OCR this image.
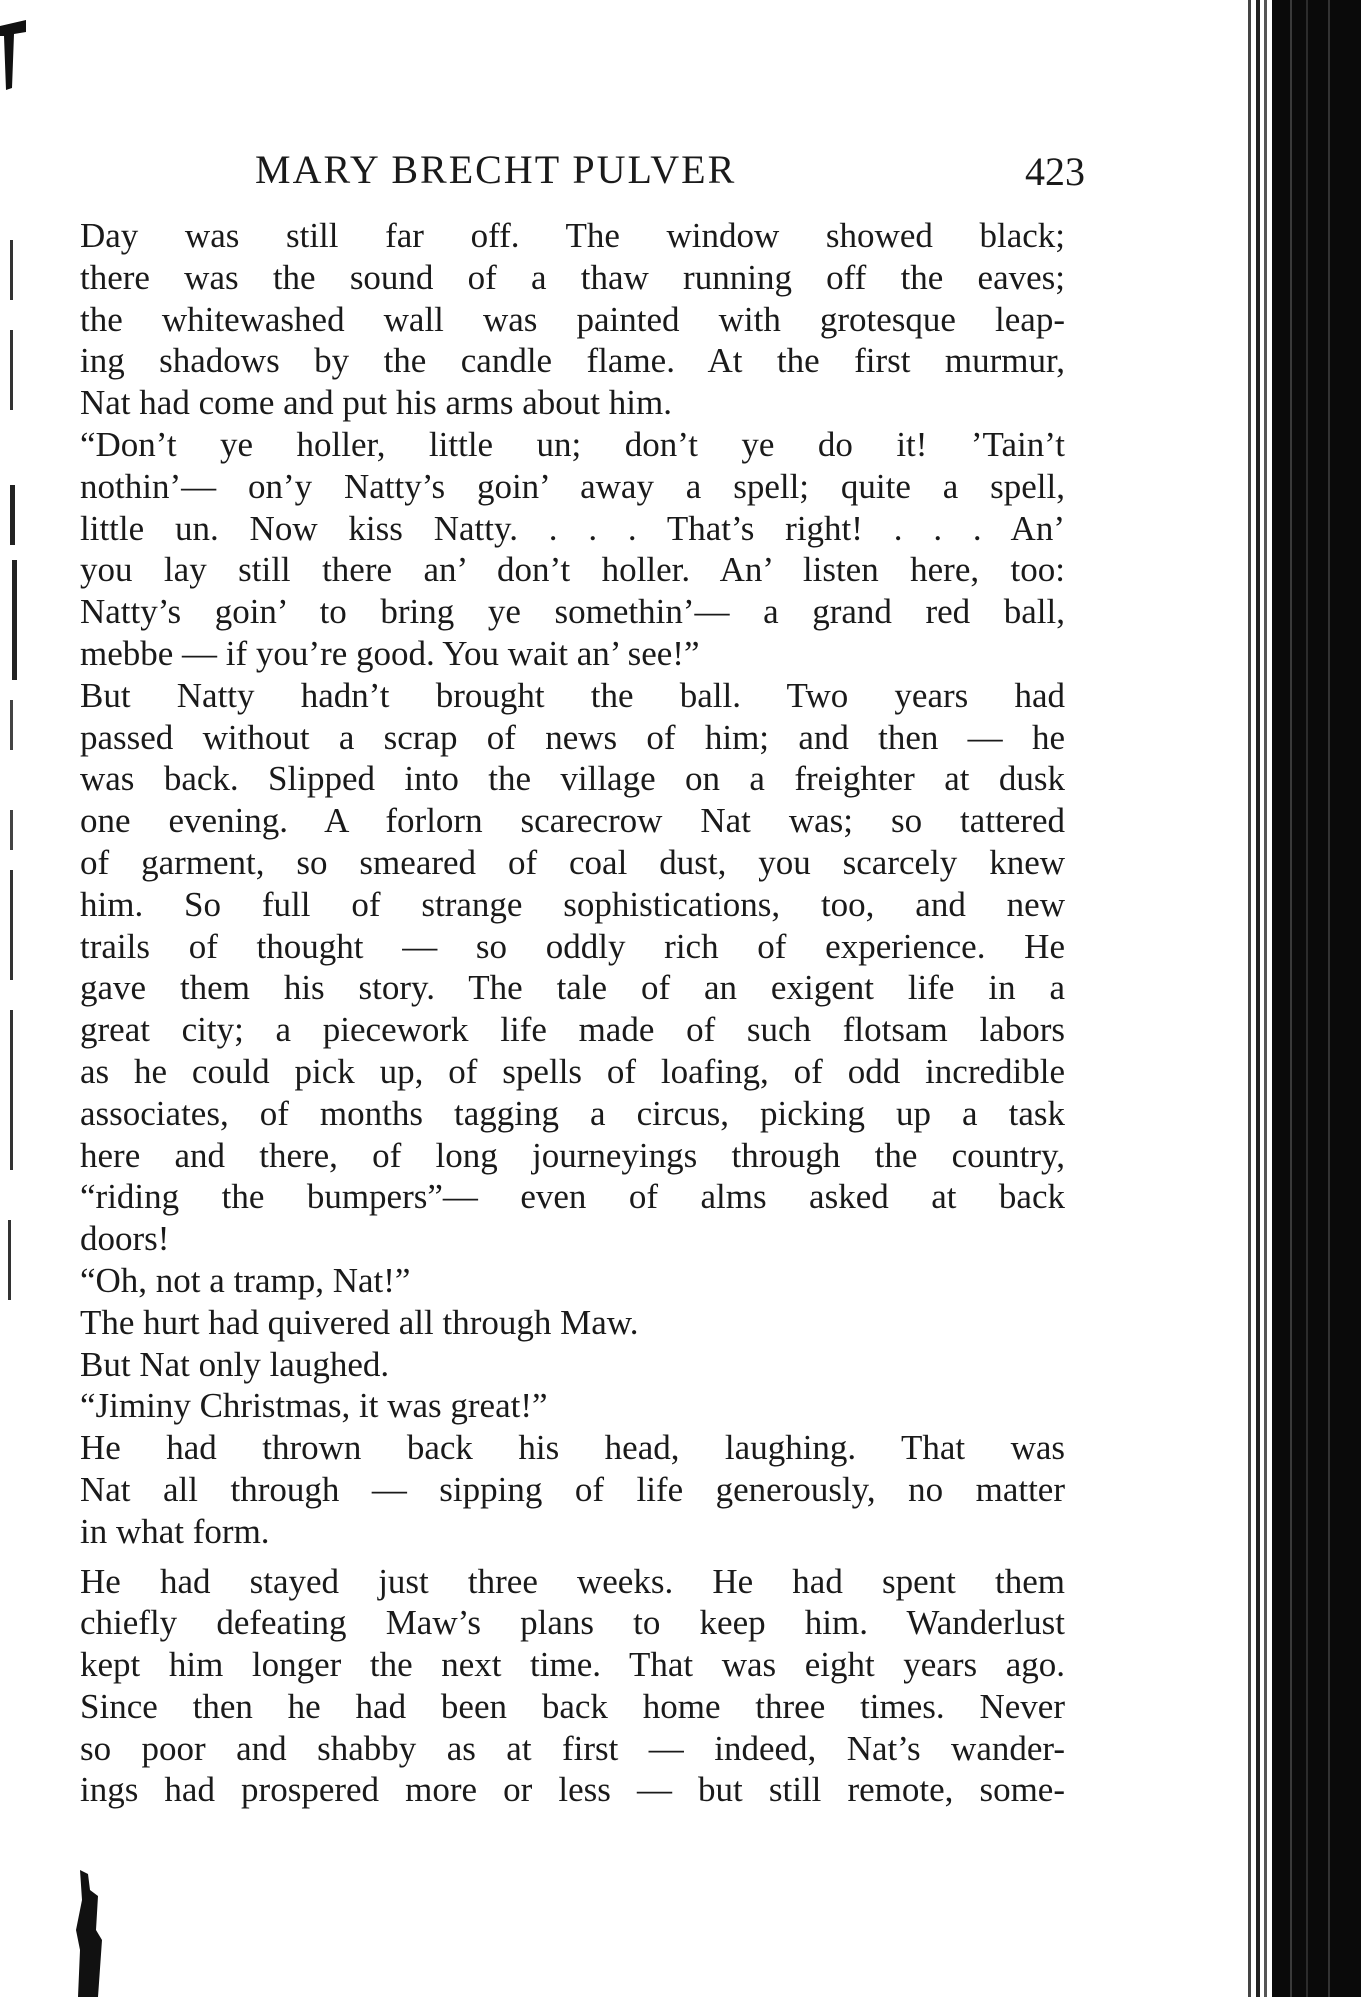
MARY BRECHT PULVER	423
Day was still far off. The window showed black;
there was the sound of a thaw running off the eaves;
the whitewashed wall was painted with grotesque leap-
ing shadows by the candle flame. At the first murmur,
Nat had come and put his arms about him.
“Don’t ye holler, little un; don’t ye do it! ’Tain’t
nothin’— on’y Natty’s goin’ away a spell; quite a spell,
little un. Now kiss Natty. . . . That’s right! . . . An’
you lay still there an’ don’t holler. An’ listen here, too:
Natty’s goin’ to bring ye somethin’— a grand red ball,
mebbe — if you’re good. You wait an’ see!”
But Natty hadn’t brought the ball. Two years had
passed without a scrap of news of him; and then — he
was back. Slipped into the village on a freighter at dusk
one evening. A forlorn scarecrow Nat was; so tattered
of garment, so smeared of coal dust, you scarcely knew
him. So full of strange sophistications, too, and new
trails of thought — so oddly rich of experience. He
gave them his story. The tale of an exigent life in a
great city; a piecework life made of such flotsam labors
as he could pick up, of spells of loafing, of odd incredible
associates, of months tagging a circus, picking up a task
here and there, of long journeyings through the country,
“riding the bumpers”— even of alms asked at back
doors!
“Oh, not a tramp, Nat!”
The hurt had quivered all through Maw.
But Nat only laughed.
“Jiminy Christmas, it was great!”
He had thrown back his head, laughing. That was
Nat all through — sipping of life generously, no matter
in what form.
He had stayed just three weeks. He had spent them
chiefly defeating Maw’s plans to keep him. Wanderlust
kept him longer the next time. That was eight years ago.
Since then he had been back home three times. Never
so poor and shabby as at first — indeed, Nat’s wander-
ings had prospered more or less — but still remote, some-
